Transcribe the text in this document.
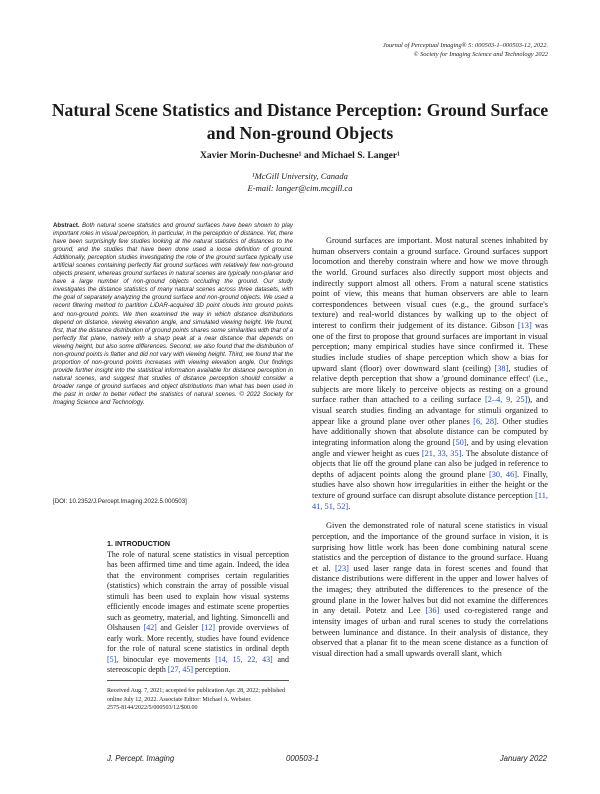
Journal of Perceptual Imaging® 5: 000503-1–000503-12, 2022.
© Society for Imaging Science and Technology 2022
Natural Scene Statistics and Distance Perception: Ground Surface and Non-ground Objects
Xavier Morin-Duchesne¹ and Michael S. Langer¹
¹McGill University, Canada
E-mail: langer@cim.mcgill.ca
Abstract. Both natural scene statistics and ground surfaces have been shown to play important roles in visual perception, in particular, in the perception of distance. Yet, there have been surprisingly few studies looking at the natural statistics of distances to the ground, and the studies that have been done used a loose definition of ground. Additionally, perception studies investigating the role of the ground surface typically use artificial scenes containing perfectly flat ground surfaces with relatively few non-ground objects present, whereas ground surfaces in natural scenes are typically non-planar and have a large number of non-ground objects occluding the ground. Our study investigates the distance statistics of many natural scenes across three datasets, with the goal of separately analyzing the ground surface and non-ground objects. We used a recent filtering method to partition LiDAR-acquired 3D point clouds into ground points and non-ground points. We then examined the way in which distance distributions depend on distance, viewing elevation angle, and simulated viewing height. We found, first, that the distance distribution of ground points shares some similarities with that of a perfectly flat plane, namely with a sharp peak at a near distance that depends on viewing height, but also some differences. Second, we also found that the distribution of non-ground points is flatter and did not vary with viewing height. Third, we found that the proportion of non-ground points increases with viewing elevation angle. Our findings provide further insight into the statistical information available for distance perception in natural scenes, and suggest that studies of distance perception should consider a broader range of ground surfaces and object distributions than what has been used in the past in order to better reflect the statistics of natural scenes. © 2022 Society for Imaging Science and Technology.
[DOI: 10.2352/J.Percept.Imaging.2022.5.000503]
1. INTRODUCTION
The role of natural scene statistics in visual perception has been affirmed time and time again. Indeed, the idea that the environment comprises certain regularities (statistics) which constrain the array of possible visual stimuli has been used to explain how visual systems efficiently encode images and estimate scene properties such as geometry, material, and lighting. Simoncelli and Olshausen [42] and Geisler [12] provide overviews of early work. More recently, studies have found evidence for the role of natural scene statistics in ordinal depth [5], binocular eye movements [14, 15, 22, 43] and stereoscopic depth [27, 45] perception.
Received Aug. 7, 2021; accepted for publication Apr. 28, 2022; published online July 12, 2022. Associate Editor: Michael A. Webster.
2575-8144/2022/5/000503/12/$00.00

Ground surfaces are important. Most natural scenes inhabited by human observers contain a ground surface. Ground surfaces support locomotion and thereby constrain where and how we move through the world. Ground surfaces also directly support most objects and indirectly support almost all others. From a natural scene statistics point of view, this means that human observers are able to learn correspondences between visual cues (e.g., the ground surface's texture) and real-world distances by walking up to the object of interest to confirm their judgement of its distance. Gibson [13] was one of the first to propose that ground surfaces are important in visual perception; many empirical studies have since confirmed it. These studies include studies of shape perception which show a bias for upward slant (floor) over downward slant (ceiling) [38], studies of relative depth perception that show a 'ground dominance effect' (i.e., subjects are more likely to perceive objects as resting on a ground surface rather than attached to a ceiling surface [2–4, 9, 25]), and visual search studies finding an advantage for stimuli organized to appear like a ground plane over other planes [6, 28]. Other studies have additionally shown that absolute distance can be computed by integrating information along the ground [50], and by using elevation angle and viewer height as cues [21, 33, 35]. The absolute distance of objects that lie off the ground plane can also be judged in reference to depths of adjacent points along the ground plane [30, 46]. Finally, studies have also shown how irregularities in either the height or the texture of ground surface can disrupt absolute distance perception [11, 41, 51, 52].

Given the demonstrated role of natural scene statistics in visual perception, and the importance of the ground surface in vision, it is surprising how little work has been done combining natural scene statistics and the perception of distance to the ground surface. Huang et al. [23] used laser range data in forest scenes and found that distance distributions were different in the upper and lower halves of the images; they attributed the differences to the presence of the ground plane in the lower halves but did not examine the differences in any detail. Potetz and Lee [36] used co-registered range and intensity images of urban and rural scenes to study the correlations between luminance and distance. In their analysis of distance, they observed that a planar fit to the mean scene distance as a function of visual direction had a small upwards overall slant, which

J. Percept. Imaging	000503-1	January 2022
